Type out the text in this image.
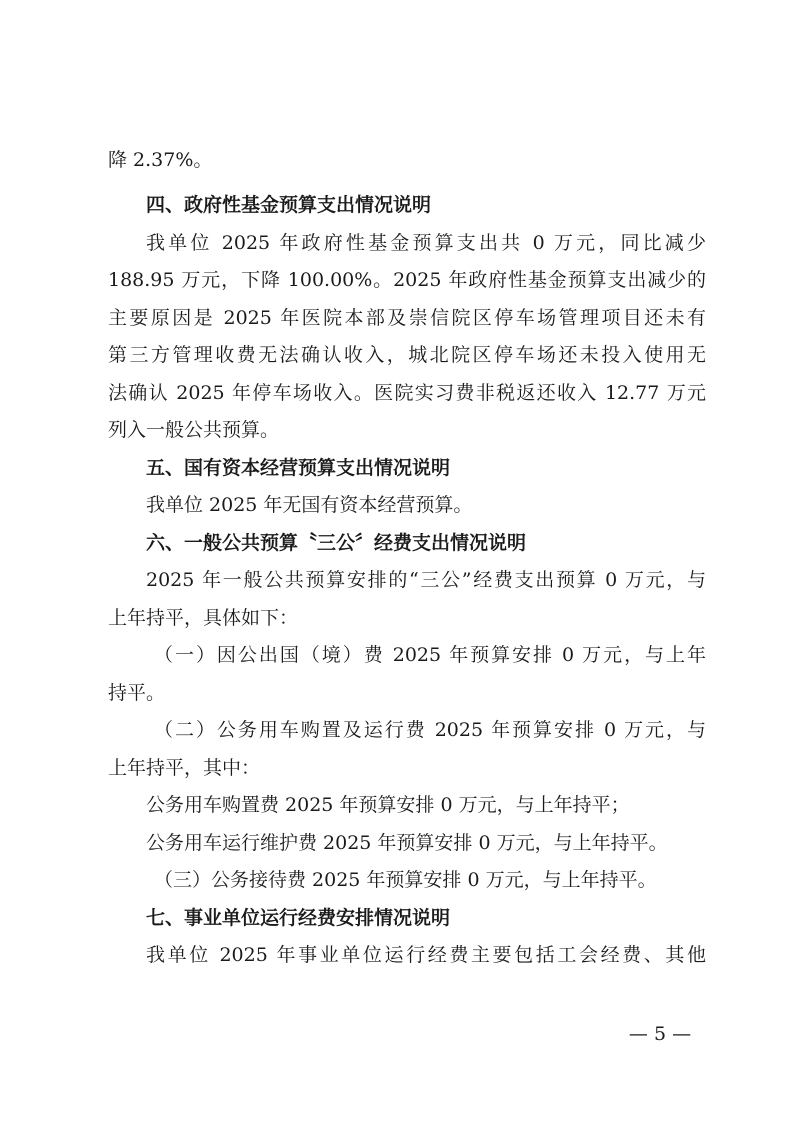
降 2.37%。
四、政府性基金预算支出情况说明
我单位 2025 年政府性基金预算支出共 0 万元，同比减少
188.95 万元，下降 100.00%。2025 年政府性基金预算支出减少的
主要原因是 2025 年医院本部及崇信院区停车场管理项目还未有
第三方管理收费无法确认收入，城北院区停车场还未投入使用无
法确认 2025 年停车场收入。医院实习费非税返还收入 12.77 万元
列入一般公共预算。
五、国有资本经营预算支出情况说明
我单位 2025 年无国有资本经营预算。
六、一般公共预算〝三公〞经费支出情况说明
2025 年一般公共预算安排的“三公”经费支出预算 0 万元，与
上年持平，具体如下：
（一）因公出国（境）费 2025 年预算安排 0 万元，与上年
持平。
（二）公务用车购置及运行费 2025 年预算安排 0 万元，与
上年持平，其中：
公务用车购置费 2025 年预算安排 0 万元，与上年持平；
公务用车运行维护费 2025 年预算安排 0 万元，与上年持平。
（三）公务接待费 2025 年预算安排 0 万元，与上年持平。
七、事业单位运行经费安排情况说明
我单位 2025 年事业单位运行经费主要包括工会经费、其他
— 5 —
